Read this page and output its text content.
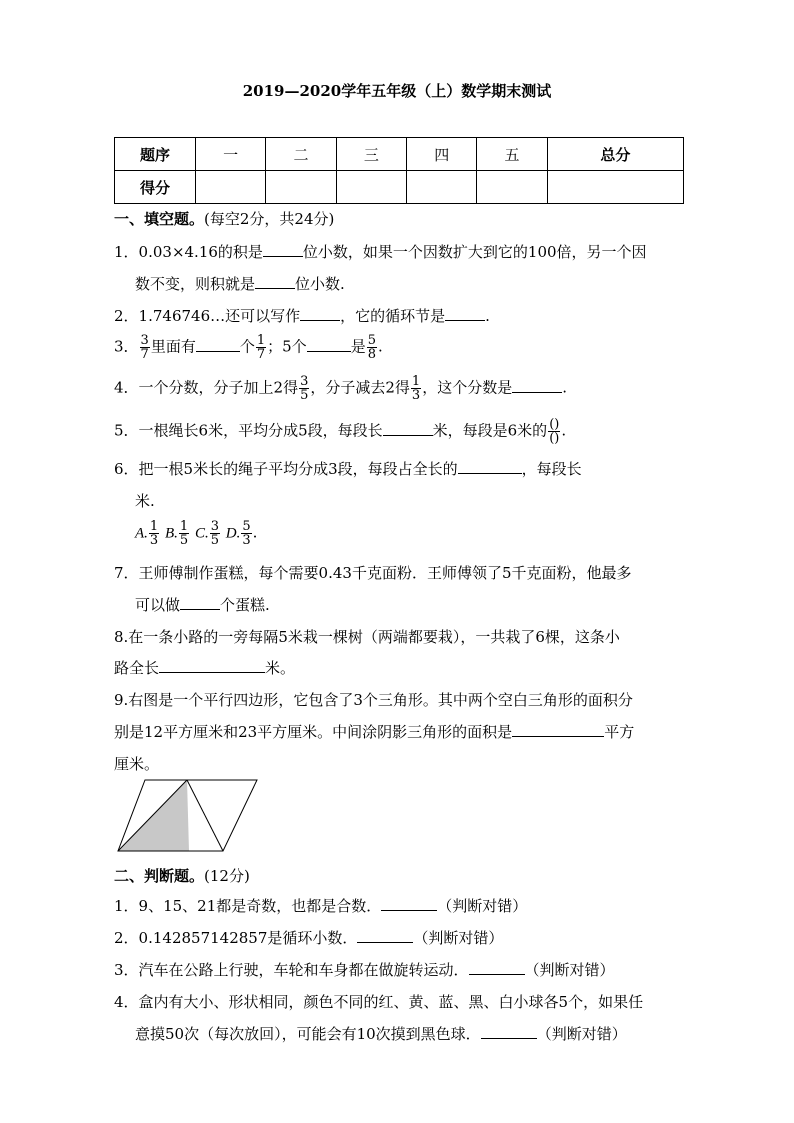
2019—2020学年五年级（上）数学期末测试
题序	一	二	三	四	五	总分
得分						
一、填空题。(每空2分，共24分)
1．0.03×4.16的积是	位小数，如果一个因数扩大到它的100倍，另一个因
数不变，则积就是	位小数.
2．1.746746…还可以写作	，它的循环节是	.
3． $\frac{3}{7}$ 里面有	个 $\frac{1}{7}$ ；5个	是 $\frac{5}{8}$ .
4．一个分数，分子加上2得 $\frac{3}{5}$ ，分子减去2得 $\frac{1}{3}$ ，这个分数是	.
5．一根绳长6米，平均分成5段，每段长	米，每段是6米的 $\frac{()}{()}$ .
6．把一根5米长的绳子平均分成3段，每段占全长的	，每段长
米.
A. $\frac{1}{3} B$. $\frac{1}{5} C$. $\frac{3}{5} D$. $\frac{5}{3}$ .
7．王师傅制作蛋糕，每个需要0.43千克面粉．王师傅领了5千克面粉，他最多
可以做	个蛋糕.
8.在一条小路的一旁每隔5米栽一棵树（两端都要栽），一共栽了6棵，这条小
路全长	米。
9.右图是一个平行四边形，它包含了3个三角形。其中两个空白三角形的面积分
别是12平方厘米和23平方厘米。中间涂阴影三角形的面积是	平方
厘米。
二、判断题。(12分)
1．9、15、21都是奇数，也都是合数．	（判断对错）
2．0.142857142857是循环小数．	（判断对错）
3．汽车在公路上行驶，车轮和车身都在做旋转运动．	（判断对错）
4．盒内有大小、形状相同，颜色不同的红、黄、蓝、黑、白小球各5个，如果任
意摸50次（每次放回），可能会有10次摸到黑色球．	（判断对错）
